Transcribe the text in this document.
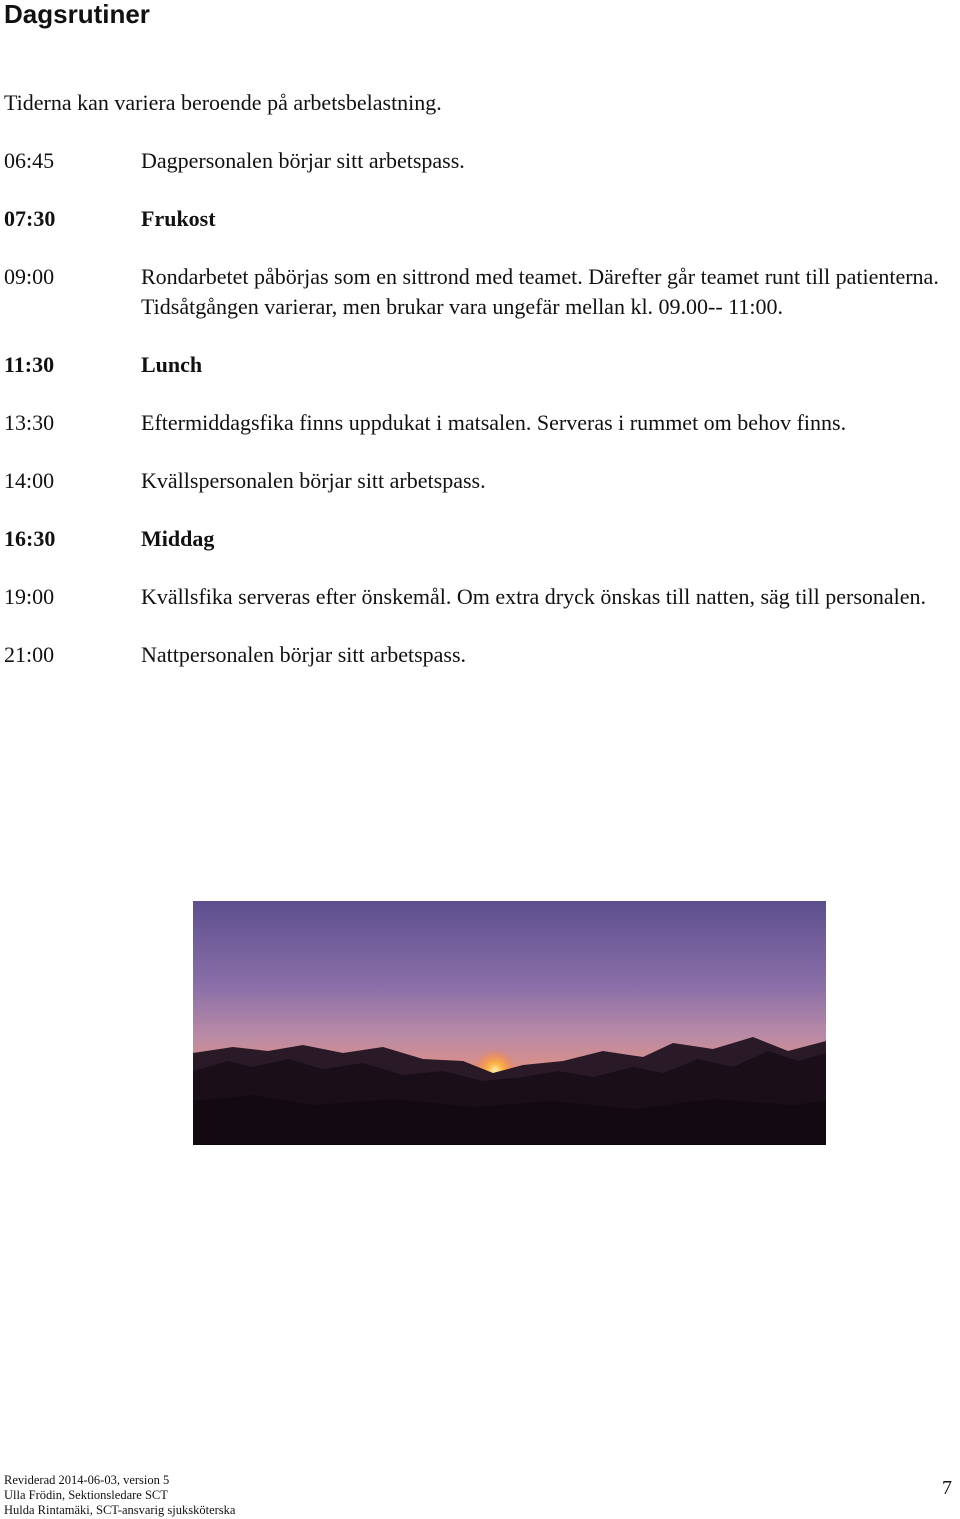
Dagsrutiner
Tiderna kan variera beroende på arbetsbelastning.
06:45	Dagpersonalen börjar sitt arbetspass.
07:30	Frukost
09:00	Rondarbetet påbörjas som en sittrond med teamet. Därefter går teamet runt till patienterna. Tidsåtgången varierar, men brukar vara ungefär mellan kl. 09.00-- 11:00.
11:30	Lunch
13:30	Eftermiddagsfika finns uppdukat i matsalen. Serveras i rummet om behov finns.
14:00	Kvällspersonalen börjar sitt arbetspass.
16:30	Middag
19:00	Kvällsfika serveras efter önskemål. Om extra dryck önskas till natten, säg till personalen.
21:00	Nattpersonalen börjar sitt arbetspass.
Reviderad 2014-06-03, version 5
Ulla Frödin, Sektionsledare SCT
Hulda Rintamäki, SCT-ansvarig sjuksköterska
7
